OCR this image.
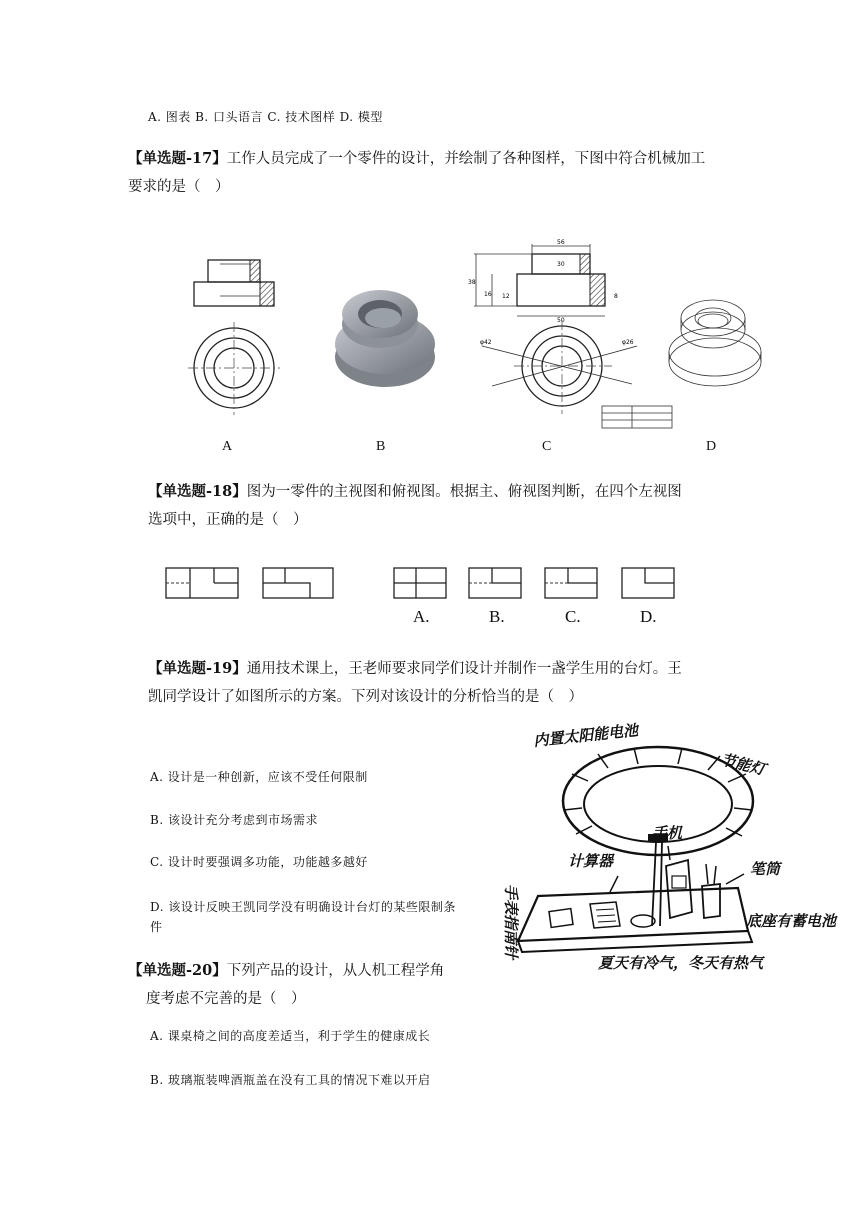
A. 图表 B. 口头语言 C. 技术图样 D. 模型
【单选题-17】工作人员完成了一个零件的设计，并绘制了各种图样，下图中符合机械加工
要求的是（　）
56
30
38
16 12
50
8
φ42	φ26
A	B	C	D
【单选题-18】图为一零件的主视图和俯视图。根据主、俯视图判断，在四个左视图
选项中，正确的是（　）
A.	B.	C.	D.
【单选题-19】通用技术课上，王老师要求同学们设计并制作一盏学生用的台灯。王
凯同学设计了如图所示的方案。下列对该设计的分析恰当的是（　）
A. 设计是一种创新，应该不受任何限制
B. 该设计充分考虑到市场需求
C. 设计时要强调多功能，功能越多越好
D. 该设计反映王凯同学没有明确设计台灯的某些限制条
件
内置太阳能电池
节能灯
手机
计算器	笔筒
手表指南针	底座有蓄电池
夏天有冷气，冬天有热气
【单选题-20】下列产品的设计，从人机工程学角
度考虑不完善的是（　）
A. 课桌椅之间的高度差适当，利于学生的健康成长
B. 玻璃瓶装啤酒瓶盖在没有工具的情况下难以开启
